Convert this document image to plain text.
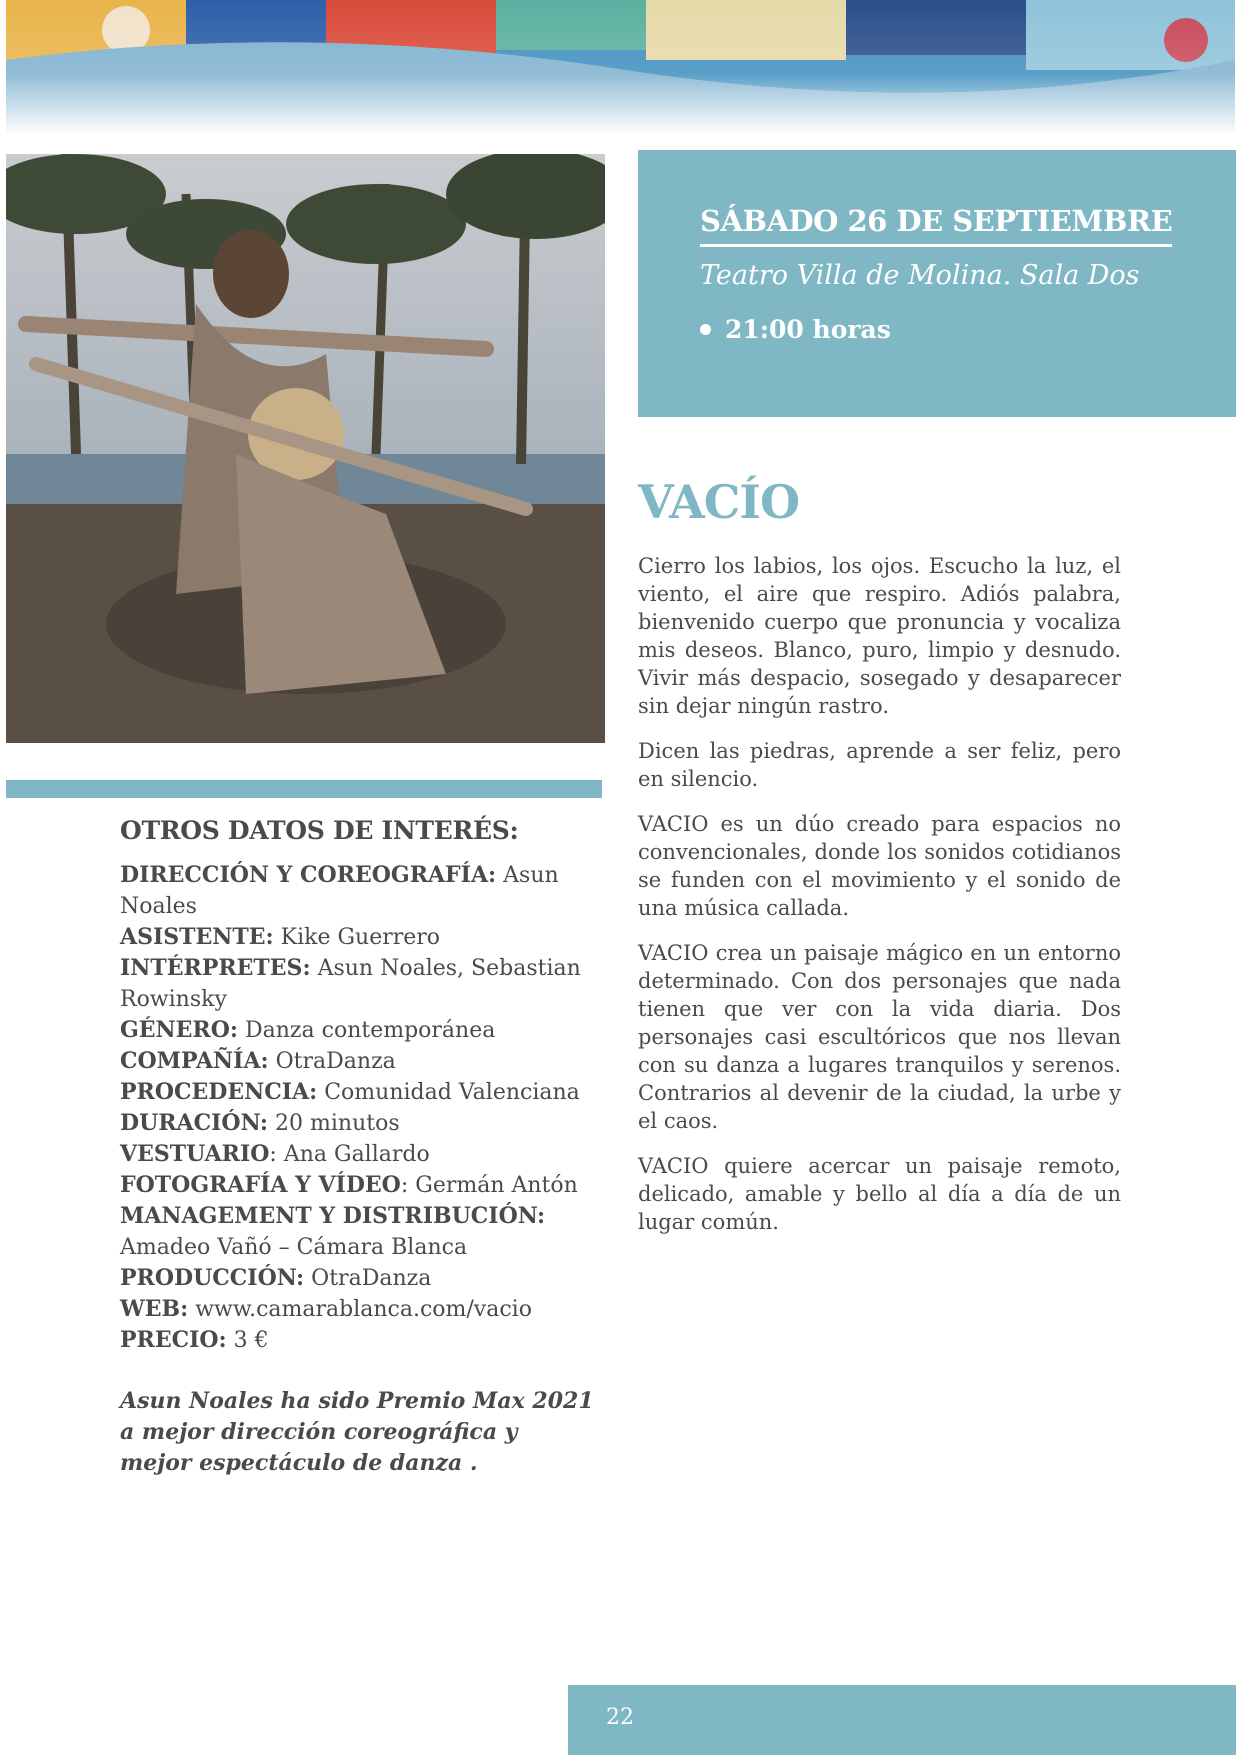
SÁBADO 26 DE SEPTIEMBRE

Teatro Villa de Molina. Sala Dos

21:00 horas

VACÍO

Cierro los labios, los ojos. Escucho la luz, el viento, el aire que respiro. Adiós palabra, bienvenido cuerpo que pronuncia y vocaliza mis deseos. Blanco, puro, limpio y desnudo. Vivir más despacio, sosegado y desaparecer sin dejar ningún rastro.

Dicen las piedras, aprende a ser feliz, pero en silencio.

VACIO es un dúo creado para espacios no convencionales, donde los sonidos cotidianos se funden con el movimiento y el sonido de una música callada.

VACIO crea un paisaje mágico en un entorno determinado. Con dos personajes que nada tienen que ver con la vida diaria. Dos personajes casi escultóricos que nos llevan con su danza a lugares tranquilos y serenos. Contrarios al devenir de la ciudad, la urbe y el caos.

VACIO quiere acercar un paisaje remoto, delicado, amable y bello al día a día de un lugar común.

OTROS DATOS DE INTERÉS:

DIRECCIÓN Y COREOGRAFÍA: Asun Noales

ASISTENTE: Kike Guerrero

INTÉRPRETES: Asun Noales, Sebastian Rowinsky

GÉNERO: Danza contemporánea

COMPAÑÍA: OtraDanza

PROCEDENCIA: Comunidad Valenciana

DURACIÓN: 20 minutos

VESTUARIO: Ana Gallardo

FOTOGRAFÍA Y VÍDEO: Germán Antón

MANAGEMENT Y DISTRIBUCIÓN: Amadeo Vañó – Cámara Blanca

PRODUCCIÓN: OtraDanza

WEB: www.camarablanca.com/vacio

PRECIO: 3 €

Asun Noales ha sido Premio Max 2021 a mejor dirección coreográfica y mejor espectáculo de danza .

22
